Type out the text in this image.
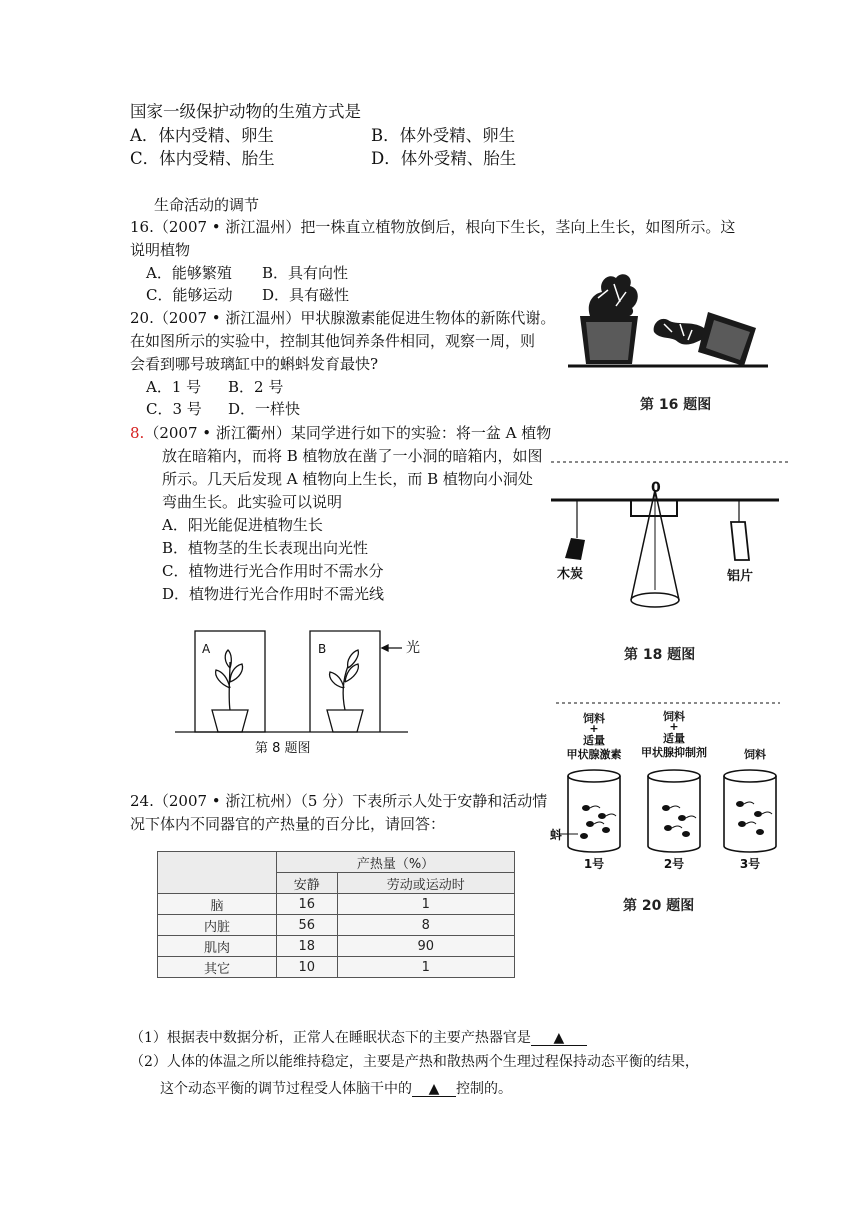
国家一级保护动物的生殖方式是
A．体内受精、卵生	B．体外受精、卵生
C．体内受精、胎生	D．体外受精、胎生
生命活动的调节
16.（2007 • 浙江温州）把一株直立植物放倒后，根向下生长，茎向上生长，如图所示。这
说明植物
A．能够繁殖 B．具有向性
C．能够运动 D．具有磁性
20.（2007 • 浙江温州）甲状腺激素能促进生物体的新陈代谢。
在如图所示的实验中，控制其他饲养条件相同，观察一周，则
会看到哪号玻璃缸中的蝌蚪发育最快?
A．1 号 B．2 号
C．3 号 D．一样快
8.（2007 • 浙江衢州）某同学进行如下的实验：将一盆 A 植物
放在暗箱内，而将 B 植物放在凿了一小洞的暗箱内，如图
所示。几天后发现 A 植物向上生长，而 B 植物向小洞处
弯曲生长。此实验可以说明
A．阳光能促进植物生长
B．植物茎的生长表现出向光性
C．植物进行光合作用时不需水分
D．植物进行光合作用时不需光线
A	B	光
第 8 题图
第 16 题图
0
木炭	铝片
第 18 题图
饲料
+
适量
甲状腺激素
饲料
+
适量
甲状腺抑制剂	饲料
蚪
1号	2号	3号
第 20 题图
24.（2007 • 浙江杭州）（5 分）下表所示人处于安静和活动情
况下体内不同器官的产热量的百分比，请回答：
	产热量（%）	
	安静	劳动或运动时
脑	16	1
内脏	56	8
肌肉	18	90
其它	10	1
（1）根据表中数据分析，正常人在睡眠状态下的主要产热器官是 ▲
（2）人体的体温之所以能维持稳定，主要是产热和散热两个生理过程保持动态平衡的结果，
这个动态平衡的调节过程受人体脑干中的 ▲ 控制的。
